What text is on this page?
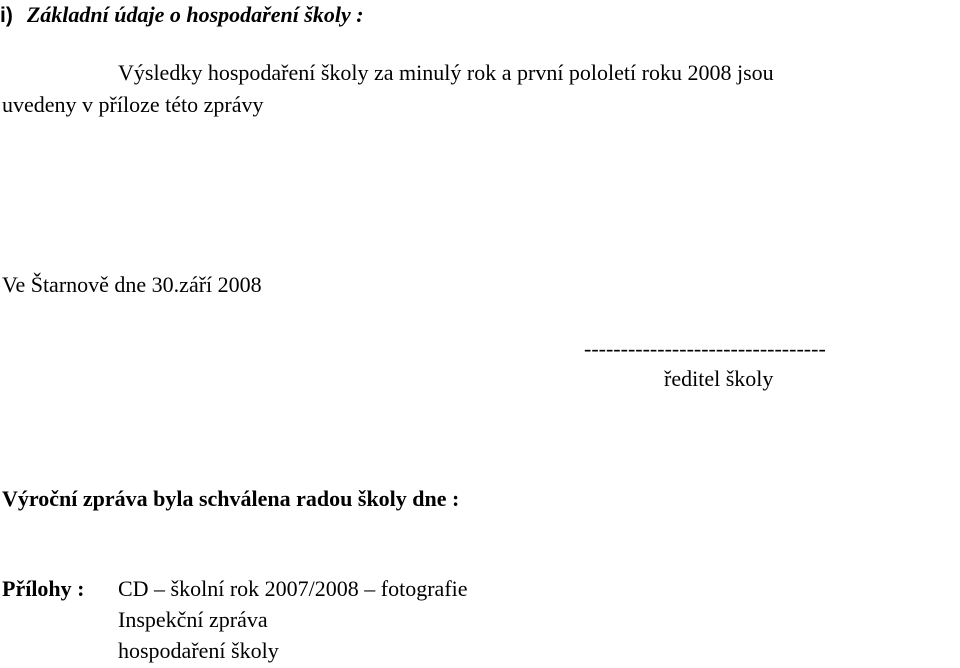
i) Základní údaje o hospodaření školy :
Výsledky hospodaření školy za minulý rok a první pololetí roku 2008 jsou
uvedeny v příloze této zprávy
Ve Štarnově dne 30.září 2008
---------------------------------
ředitel školy
Výroční zpráva byla schválena radou školy dne :
Přílohy : CD – školní rok 2007/2008 – fotografie
Inspekční zpráva
hospodaření školy
